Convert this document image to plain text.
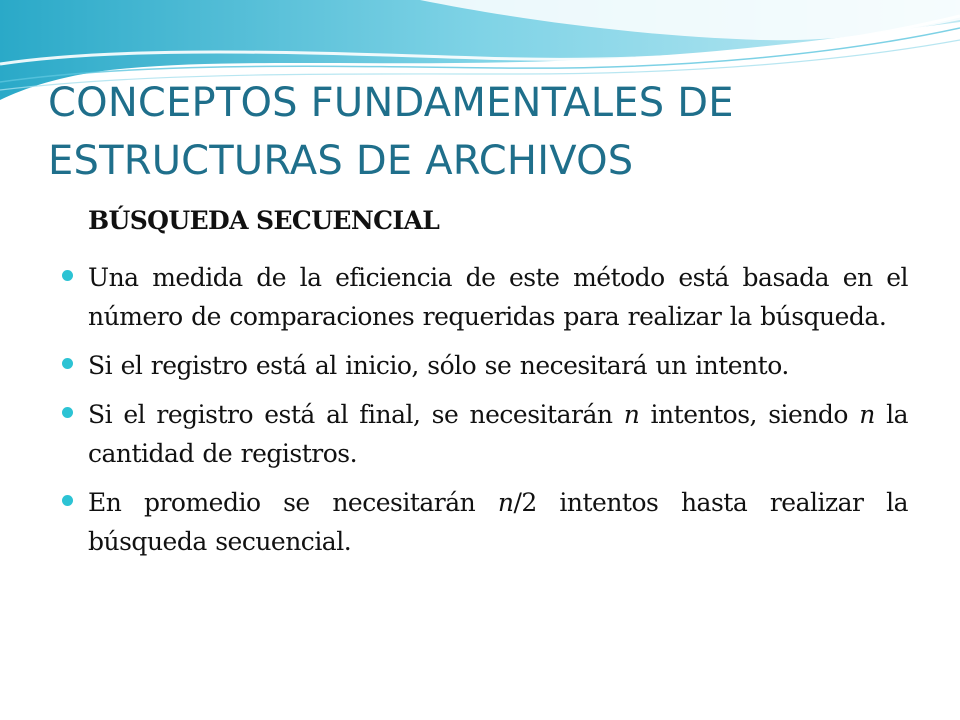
CONCEPTOS FUNDAMENTALES DE
ESTRUCTURAS DE ARCHIVOS
BÚSQUEDA SECUENCIAL
Una medida de la eficiencia de este método está basada en el número de comparaciones requeridas para realizar la búsqueda.
Si el registro está al inicio, sólo se necesitará un intento.
Si el registro está al final, se necesitarán n intentos, siendo n la cantidad de registros.
En promedio se necesitarán n/2 intentos hasta realizar la búsqueda secuencial.
